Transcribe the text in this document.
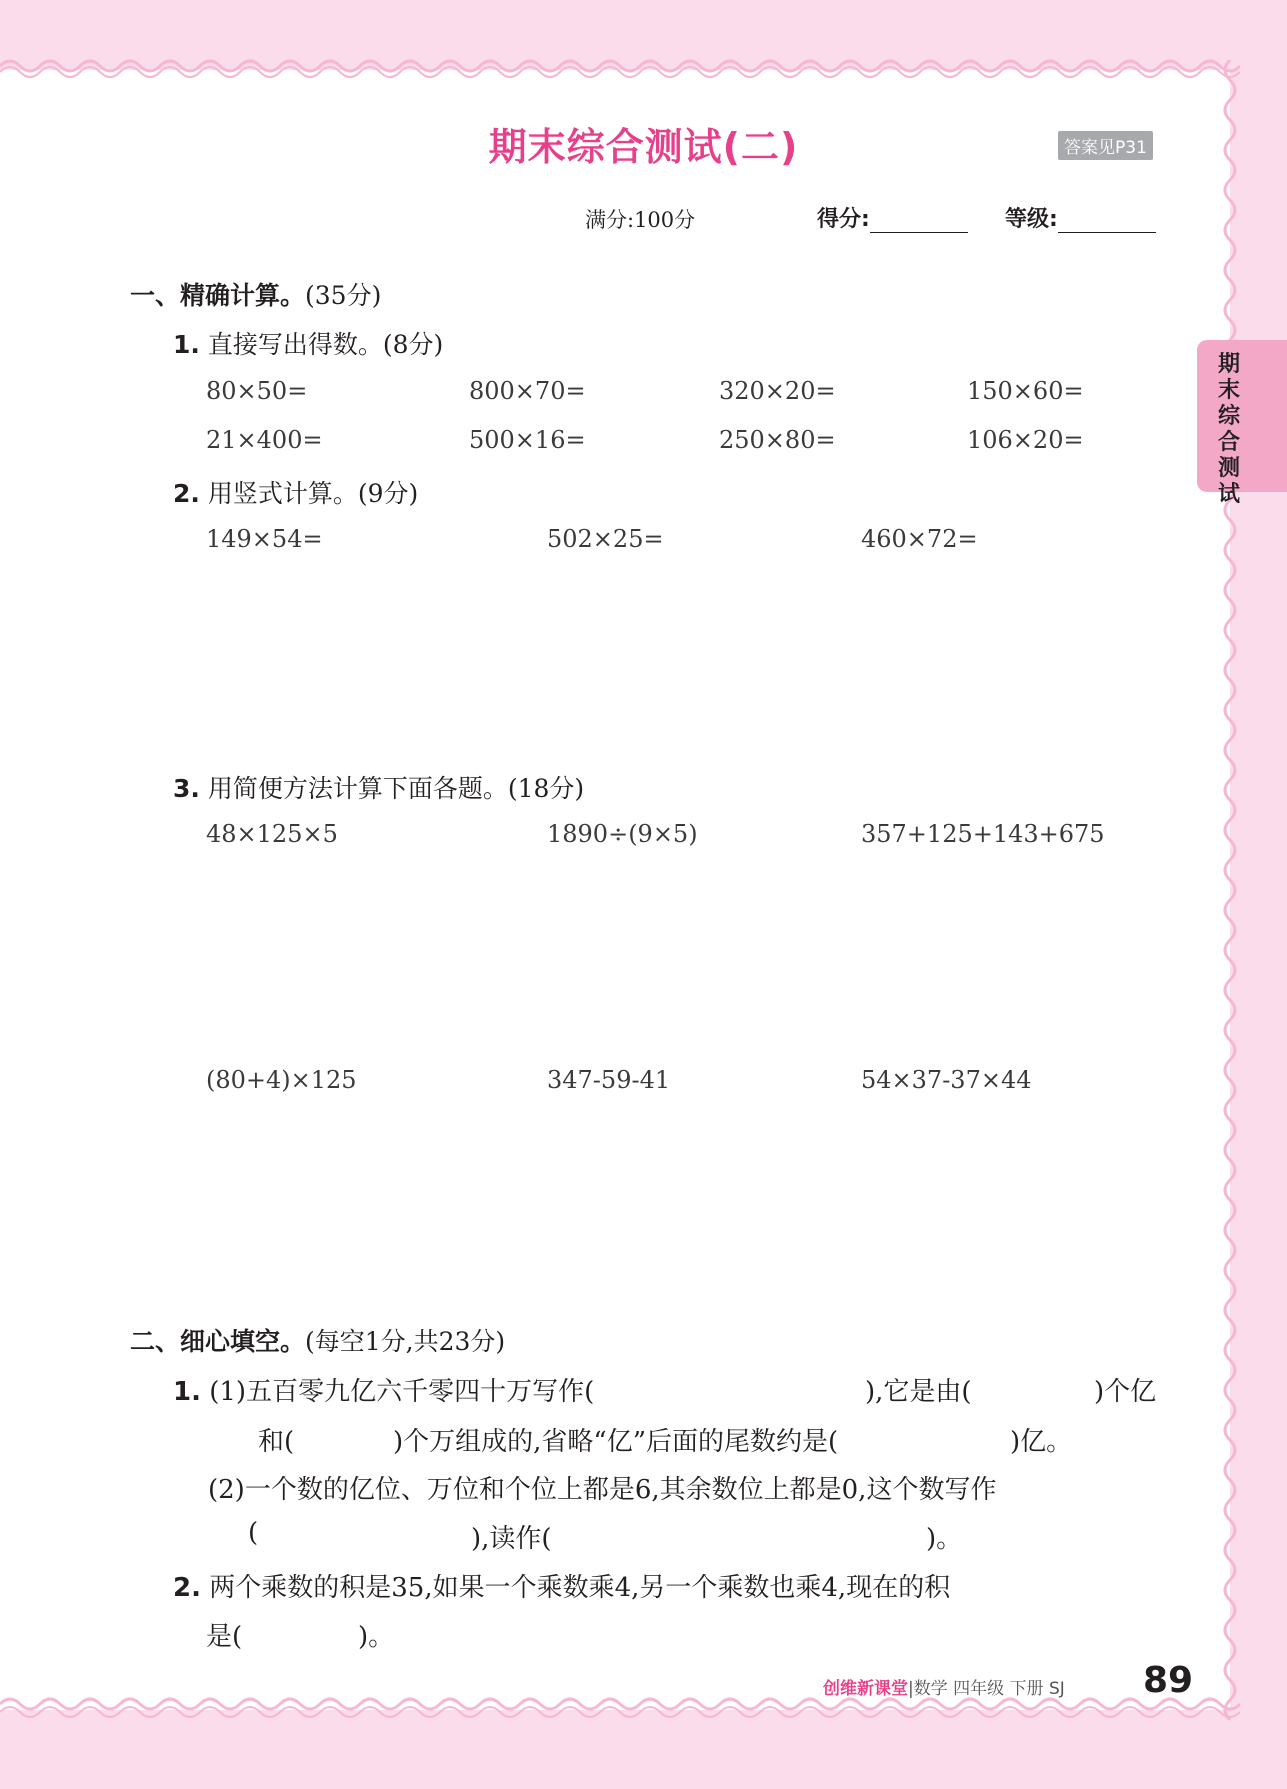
期末综合测试
期末综合测试(二)	答案见P31
满分:100分	得分:	等级:
一、精确计算。(35分)
1. 直接写出得数。(8分)
80×50=	800×70=	320×20=	150×60=
21×400=	500×16=	250×80=	106×20=
2. 用竖式计算。(9分)
149×54=	502×25=	460×72=
3. 用简便方法计算下面各题。(18分)
48×125×5	1890÷(9×5)	357+125+143+675
(80+4)×125	347-59-41	54×37-37×44
二、细心填空。(每空1分,共23分)
1. (1)五百零九亿六千零四十万写作(	),它是由(	)个亿
和(	)个万组成的,省略“亿”后面的尾数约是(	)亿。
(2)一个数的亿位、万位和个位上都是6,其余数位上都是0,这个数写作
(	),读作(	)。
2. 两个乘数的积是35,如果一个乘数乘4,另一个乘数也乘4,现在的积
是(	)。
创维新课堂|数学 四年级 下册 SJ 89
